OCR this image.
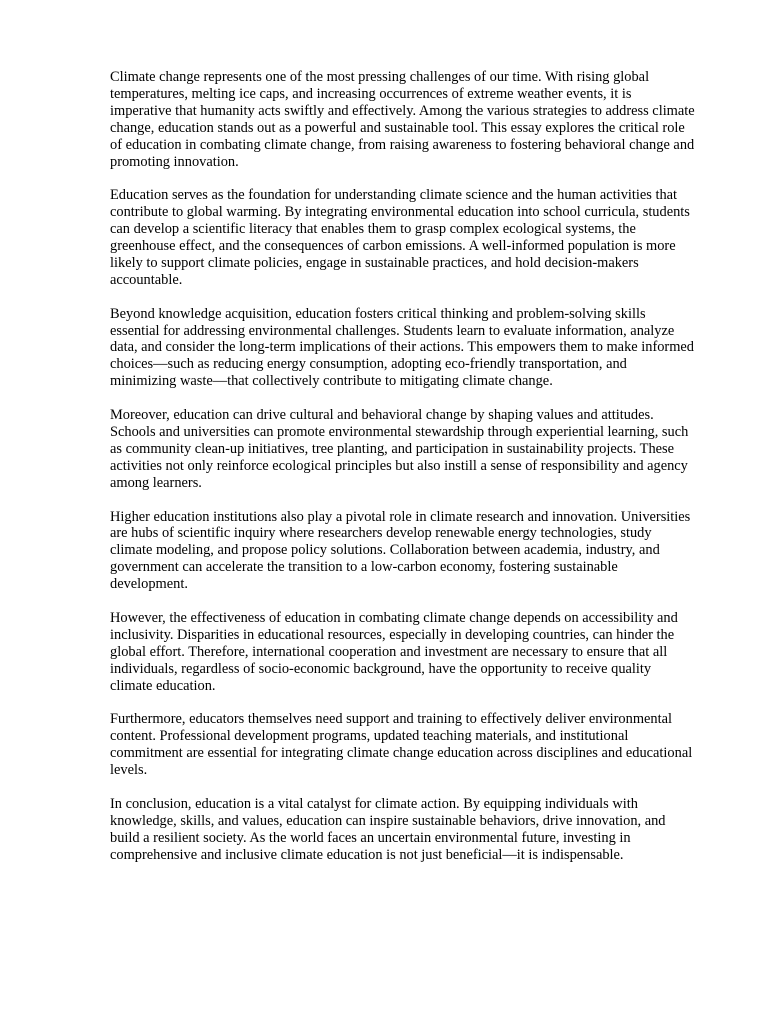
Climate change represents one of the most pressing challenges of our time. With rising global temperatures, melting ice caps, and increasing occurrences of extreme weather events, it is imperative that humanity acts swiftly and effectively. Among the various strategies to address climate change, education stands out as a powerful and sustainable tool. This essay explores the critical role of education in combating climate change, from raising awareness to fostering behavioral change and promoting innovation.

Education serves as the foundation for understanding climate science and the human activities that contribute to global warming. By integrating environmental education into school curricula, students can develop a scientific literacy that enables them to grasp complex ecological systems, the greenhouse effect, and the consequences of carbon emissions. A well-informed population is more likely to support climate policies, engage in sustainable practices, and hold decision-makers accountable.

Beyond knowledge acquisition, education fosters critical thinking and problem-solving skills essential for addressing environmental challenges. Students learn to evaluate information, analyze data, and consider the long-term implications of their actions. This empowers them to make informed choices—such as reducing energy consumption, adopting eco-friendly transportation, and minimizing waste—that collectively contribute to mitigating climate change.

Moreover, education can drive cultural and behavioral change by shaping values and attitudes. Schools and universities can promote environmental stewardship through experiential learning, such as community clean-up initiatives, tree planting, and participation in sustainability projects. These activities not only reinforce ecological principles but also instill a sense of responsibility and agency among learners.

Higher education institutions also play a pivotal role in climate research and innovation. Universities are hubs of scientific inquiry where researchers develop renewable energy technologies, study climate modeling, and propose policy solutions. Collaboration between academia, industry, and government can accelerate the transition to a low-carbon economy, fostering sustainable development.

However, the effectiveness of education in combating climate change depends on accessibility and inclusivity. Disparities in educational resources, especially in developing countries, can hinder the global effort. Therefore, international cooperation and investment are necessary to ensure that all individuals, regardless of socio-economic background, have the opportunity to receive quality climate education.

Furthermore, educators themselves need support and training to effectively deliver environmental content. Professional development programs, updated teaching materials, and institutional commitment are essential for integrating climate change education across disciplines and educational levels.

In conclusion, education is a vital catalyst for climate action. By equipping individuals with knowledge, skills, and values, education can inspire sustainable behaviors, drive innovation, and build a resilient society. As the world faces an uncertain environmental future, investing in comprehensive and inclusive climate education is not just beneficial—it is indispensable.
